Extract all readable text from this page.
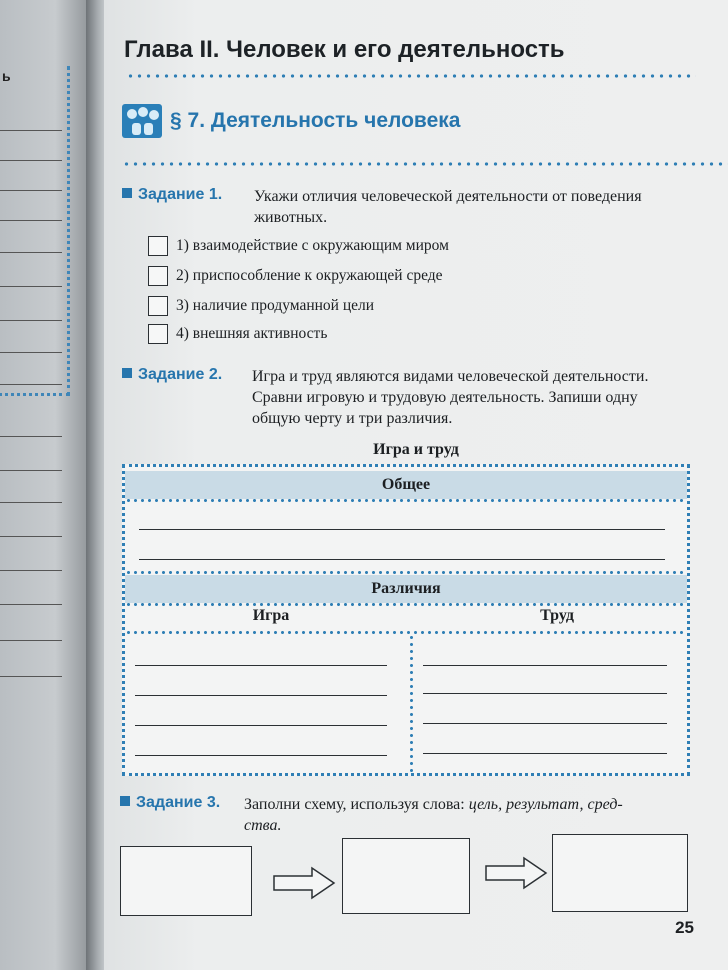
ь
Глава II. Человек и его деятельность
§ 7. Деятельность человека
Задание 1. Укажи отличия человеческой деятельности от поведения
животных.
1) взаимодействие с окружающим миром
2) приспособление к окружающей среде
3) наличие продуманной цели
4) внешняя активность
Задание 2. Игра и труд являются видами человеческой деятельности.
Сравни игровую и трудовую деятельность. Запиши одну
общую черту и три различия.
Игра и труд
Общее
Различия
Игра	Труд
Задание 3. Заполни схему, используя слова: цель, результат, сред-
ства.
25
